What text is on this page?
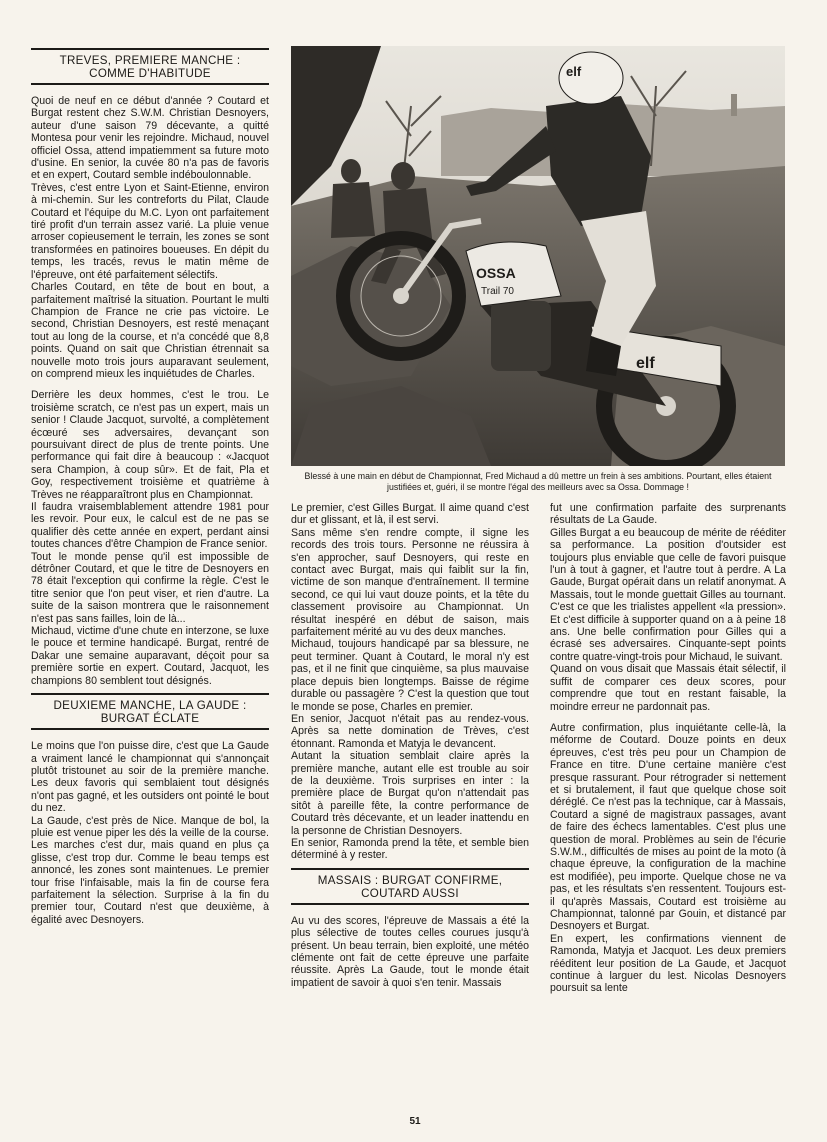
TREVES, PREMIERE MANCHE : COMME D'HABITUDE

Quoi de neuf en ce début d'année ? Coutard et Burgat restent chez S.W.M. Christian Desnoyers, auteur d'une saison 79 décevante, a quitté Montesa pour venir les rejoindre. Michaud, nouvel officiel Ossa, attend impatiemment sa future moto d'usine. En senior, la cuvée 80 n'a pas de favoris et en expert, Coutard semble indéboulonnable.

Trèves, c'est entre Lyon et Saint-Etienne, environ à mi-chemin. Sur les contreforts du Pilat, Claude Coutard et l'équipe du M.C. Lyon ont parfaitement tiré profit d'un terrain assez varié. La pluie venue arroser copieusement le terrain, les zones se sont transformées en patinoires boueuses. En dépit du temps, les tracés, revus le matin même de l'épreuve, ont été parfaitement sélectifs.

Charles Coutard, en tête de bout en bout, a parfaitement maîtrisé la situation. Pourtant le multi Champion de France ne crie pas victoire. Le second, Christian Desnoyers, est resté menaçant tout au long de la course, et n'a concédé que 8,8 points. Quand on sait que Christian étrennait sa nouvelle moto trois jours auparavant seulement, on comprend mieux les inquiétudes de Charles.

Derrière les deux hommes, c'est le trou. Le troisième scratch, ce n'est pas un expert, mais un senior ! Claude Jacquot, survolté, a complètement écœuré ses adversaires, devançant son poursuivant direct de plus de trente points. Une performance qui fait dire à beaucoup : «Jacquot sera Champion, à coup sûr». Et de fait, Pla et Goy, respectivement troisième et quatrième à Trèves ne réapparaîtront plus en Championnat.

Il faudra vraisemblablement attendre 1981 pour les revoir. Pour eux, le calcul est de ne pas se qualifier dès cette année en expert, perdant ainsi toutes chances d'être Champion de France senior.

Tout le monde pense qu'il est impossible de détrôner Coutard, et que le titre de Desnoyers en 78 était l'exception qui confirme la règle. C'est le titre senior que l'on peut viser, et rien d'autre. La suite de la saison montrera que le raisonnement n'est pas sans failles, loin de là...

Michaud, victime d'une chute en interzone, se luxe le pouce et termine handicapé. Burgat, rentré de Dakar une semaine auparavant, déçoit pour sa première sortie en expert. Coutard, Jacquot, les champions 80 semblent tout désignés.

DEUXIEME MANCHE, LA GAUDE : BURGAT ÉCLATE

Le moins que l'on puisse dire, c'est que La Gaude a vraiment lancé le championnat qui s'annonçait plutôt tristounet au soir de la première manche. Les deux favoris qui semblaient tout désignés n'ont pas gagné, et les outsiders ont pointé le bout du nez.

La Gaude, c'est près de Nice. Manque de bol, la pluie est venue piper les dés la veille de la course. Les marches c'est dur, mais quand en plus ça glisse, c'est trop dur. Comme le beau temps est annoncé, les zones sont maintenues. Le premier tour frise l'infaisable, mais la fin de course fera parfaitement la sélection. Surprise à la fin du premier tour, Coutard n'est que deuxième, à égalité avec Desnoyers.

OSSA
Trail 70
elf
elf
Blessé à une main en début de Championnat, Fred Michaud a dû mettre un frein à ses ambitions. Pourtant, elles étaient justifiées et, guéri, il se montre l'égal des meilleurs avec sa Ossa. Dommage !

Le premier, c'est Gilles Burgat. Il aime quand c'est dur et glissant, et là, il est servi.

Sans même s'en rendre compte, il signe les records des trois tours. Personne ne réussira à s'en approcher, sauf Desnoyers, qui reste en contact avec Burgat, mais qui faiblit sur la fin, victime de son manque d'entraînement. Il termine second, ce qui lui vaut douze points, et la tête du classement provisoire au Championnat. Un résultat inespéré en début de saison, mais parfaitement mérité au vu des deux manches.

Michaud, toujours handicapé par sa blessure, ne peut terminer. Quant à Coutard, le moral n'y est pas, et il ne finit que cinquième, sa plus mauvaise place depuis bien longtemps. Baisse de régime durable ou passagère ? C'est la question que tout le monde se pose, Charles en premier.

En senior, Jacquot n'était pas au rendez-vous. Après sa nette domination de Trèves, c'est étonnant. Ramonda et Matyja le devancent.

Autant la situation semblait claire après la première manche, autant elle est trouble au soir de la deuxième. Trois surprises en inter : la première place de Burgat qu'on n'attendait pas sitôt à pareille fête, la contre performance de Coutard très décevante, et un leader inattendu en la personne de Christian Desnoyers.

En senior, Ramonda prend la tête, et semble bien déterminé à y rester.

MASSAIS : BURGAT CONFIRME, COUTARD AUSSI

Au vu des scores, l'épreuve de Massais a été la plus sélective de toutes celles courues jusqu'à présent. Un beau terrain, bien exploité, une météo clémente ont fait de cette épreuve une parfaite réussite. Après La Gaude, tout le monde était impatient de savoir à quoi s'en tenir. Massais

fut une confirmation parfaite des surprenants résultats de La Gaude.

Gilles Burgat a eu beaucoup de mérite de rééditer sa performance. La position d'outsider est toujours plus enviable que celle de favori puisque l'un à tout à gagner, et l'autre tout à perdre. A La Gaude, Burgat opérait dans un relatif anonymat. A Massais, tout le monde guettait Gilles au tournant. C'est ce que les trialistes appellent «la pression». Et c'est difficile à supporter quand on a à peine 18 ans. Une belle confirmation pour Gilles qui a écrasé ses adversaires. Cinquante-sept points contre quatre-vingt-trois pour Michaud, le suivant.

Quand on vous disait que Massais était sélectif, il suffit de comparer ces deux scores, pour comprendre que tout en restant faisable, la moindre erreur ne pardonnait pas.

Autre confirmation, plus inquiétante celle-là, la méforme de Coutard. Douze points en deux épreuves, c'est très peu pour un Champion de France en titre. D'une certaine manière c'est presque rassurant. Pour rétrograder si nettement et si brutalement, il faut que quelque chose soit déréglé. Ce n'est pas la technique, car à Massais, Coutard a signé de magistraux passages, avant de faire des échecs lamentables. C'est plus une question de moral. Problèmes au sein de l'écurie S.W.M., difficultés de mises au point de la moto (à chaque épreuve, la configuration de la machine est modifiée), peu importe. Quelque chose ne va pas, et les résultats s'en ressentent. Toujours est-il qu'après Massais, Coutard est troisième au Championnat, talonné par Gouin, et distancé par Desnoyers et Burgat.

En expert, les confirmations viennent de Ramonda, Matyja et Jacquot. Les deux premiers rééditent leur position de La Gaude, et Jacquot continue à larguer du lest. Nicolas Desnoyers poursuit sa lente

51
